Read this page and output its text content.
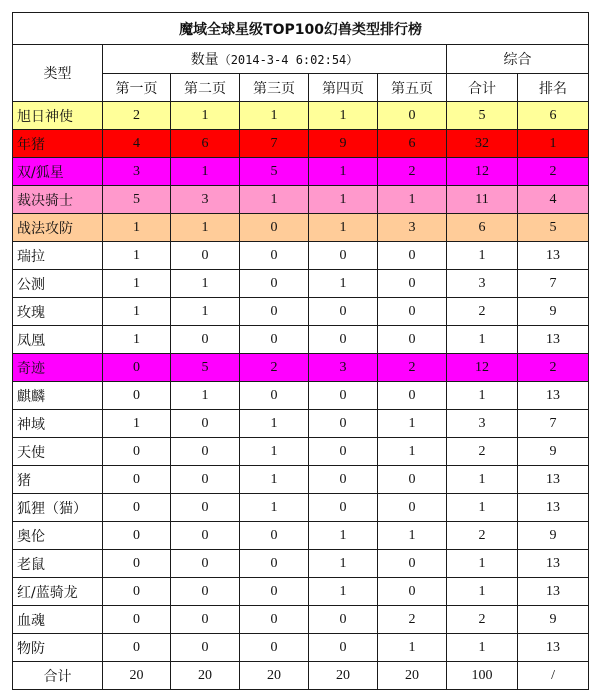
魔域全球星级TOP100幻兽类型排行榜							
类型	数量（2014-3-4 6:02:54）					综合	
	第一页	第二页	第三页	第四页	第五页	合计	排名
旭日神使	2	1	1	1	0	5	6
年猪	4	6	7	9	6	32	1
双/狐星	3	1	5	1	2	12	2
裁决骑士	5	3	1	1	1	11	4
战法攻防	1	1	0	1	3	6	5
瑞拉	1	0	0	0	0	1	13
公测	1	1	0	1	0	3	7
玫瑰	1	1	0	0	0	2	9
凤凰	1	0	0	0	0	1	13
奇迹	0	5	2	3	2	12	2
麒麟	0	1	0	0	0	1	13
神域	1	0	1	0	1	3	7
天使	0	0	1	0	1	2	9
猪	0	0	1	0	0	1	13
狐狸（猫）	0	0	1	0	0	1	13
奥伦	0	0	0	1	1	2	9
老鼠	0	0	0	1	0	1	13
红/蓝骑龙	0	0	0	1	0	1	13
血魂	0	0	0	0	2	2	9
物防	0	0	0	0	1	1	13
合计	20	20	20	20	20	100	/
